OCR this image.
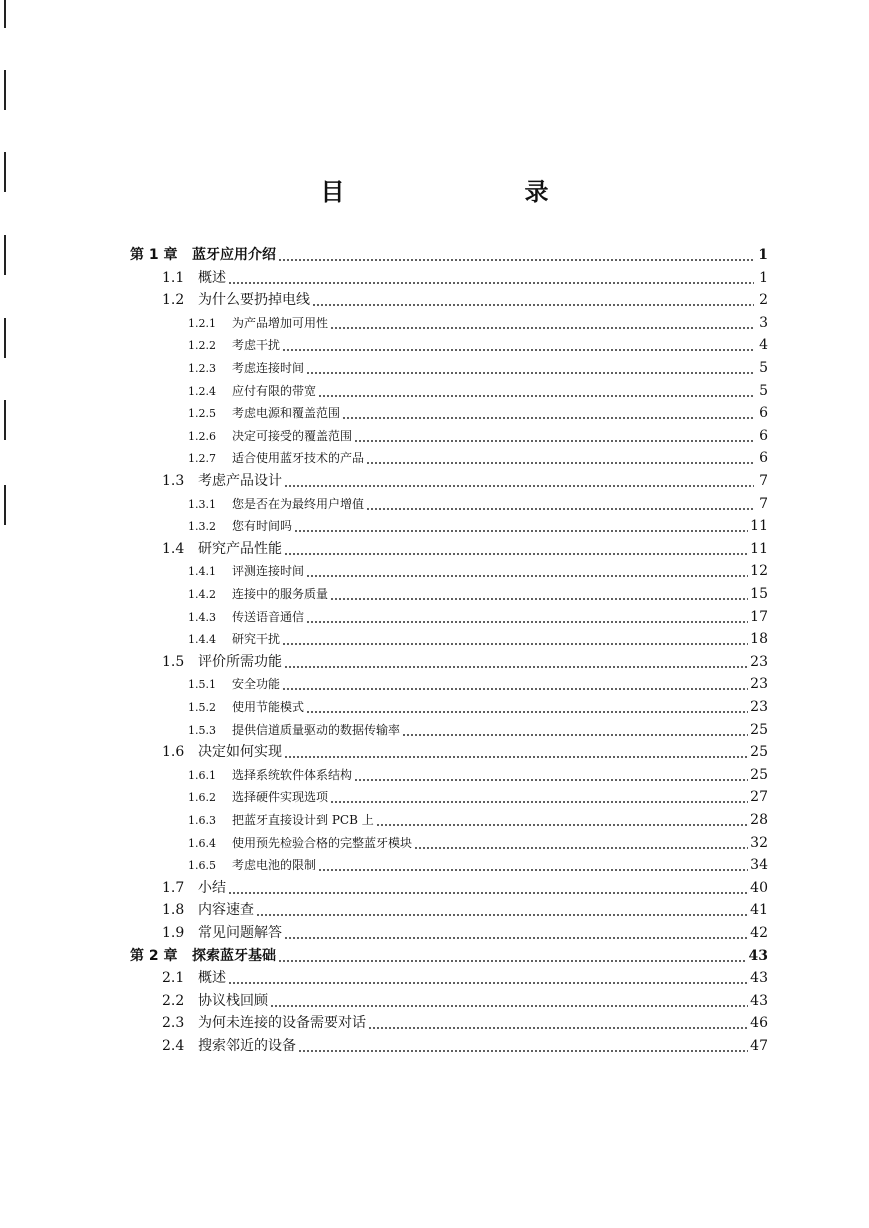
目　　录
第 1 章	蓝牙应用介绍	1
1.1 概述	1
1.2 为什么要扔掉电线	2
1.2.1	为产品增加可用性	3
1.2.2	考虑干扰	4
1.2.3	考虑连接时间	5
1.2.4	应付有限的带宽	5
1.2.5	考虑电源和覆盖范围	6
1.2.6	决定可接受的覆盖范围	6
1.2.7	适合使用蓝牙技术的产品	6
1.3 考虑产品设计	7
1.3.1	您是否在为最终用户增值	7
1.3.2	您有时间吗	11
1.4 研究产品性能	11
1.4.1	评测连接时间	12
1.4.2	连接中的服务质量	15
1.4.3	传送语音通信	17
1.4.4	研究干扰	18
1.5 评价所需功能	23
1.5.1	安全功能	23
1.5.2	使用节能模式	23
1.5.3	提供信道质量驱动的数据传输率	25
1.6 决定如何实现	25
1.6.1	选择系统软件体系结构	25
1.6.2	选择硬件实现选项	27
1.6.3	把蓝牙直接设计到 PCB 上	28
1.6.4	使用预先检验合格的完整蓝牙模块	32
1.6.5	考虑电池的限制	34
1.7 小结	40
1.8 内容速查	41
1.9 常见问题解答	42
第 2 章	探索蓝牙基础	43
2.1 概述	43
2.2 协议栈回顾	43
2.3 为何未连接的设备需要对话	46
2.4 搜索邻近的设备	47
